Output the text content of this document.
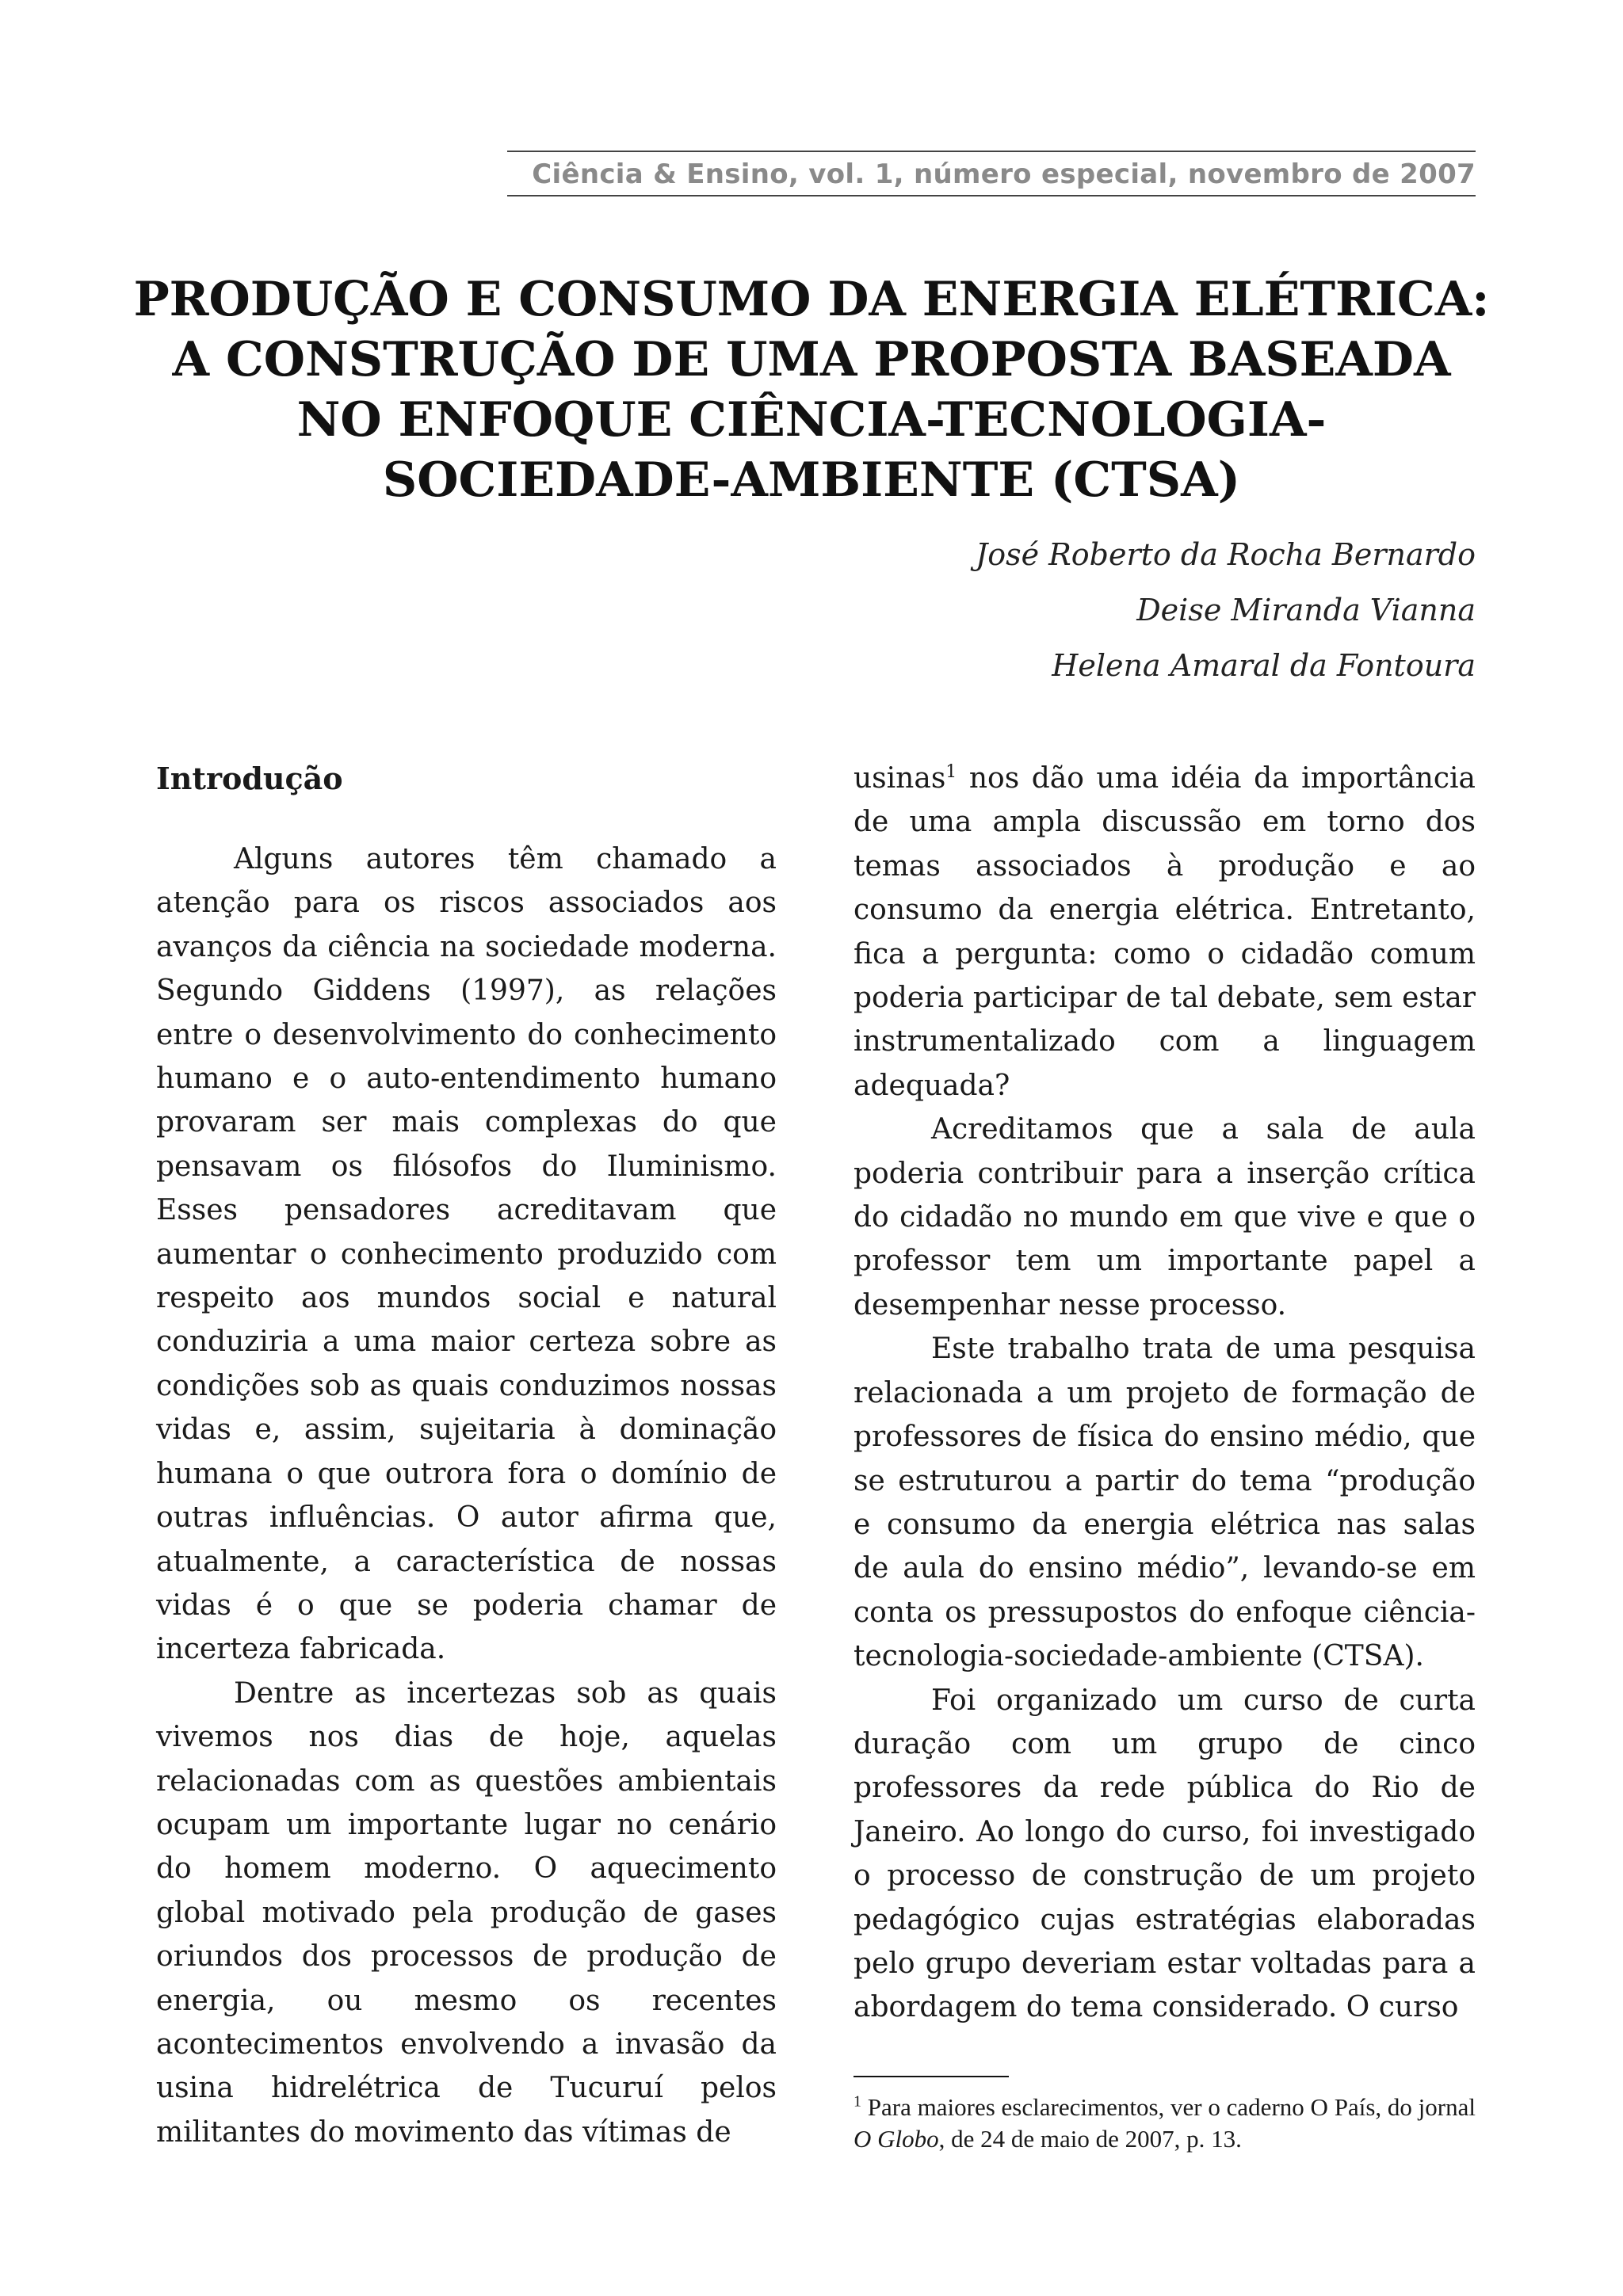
Ciência & Ensino, vol. 1, número especial, novembro de 2007
PRODUÇÃO E CONSUMO DA ENERGIA ELÉTRICA:
A CONSTRUÇÃO DE UMA PROPOSTA BASEADA
NO ENFOQUE CIÊNCIA-TECNOLOGIA-
SOCIEDADE-AMBIENTE (CTSA)
José Roberto da Rocha Bernardo
Deise Miranda Vianna
Helena Amaral da Fontoura
Introdução

Alguns autores têm chamado a atenção para os riscos associados aos avanços da ciência na sociedade moderna. Segundo Giddens (1997), as relações entre o desenvolvimento do conhecimento humano e o auto-entendimento humano provaram ser mais complexas do que pensavam os filósofos do Iluminismo. Esses pensadores acreditavam que aumentar o conhecimento produzido com respeito aos mundos social e natural conduziria a uma maior certeza sobre as condições sob as quais conduzimos nossas vidas e, assim, sujeitaria à dominação humana o que outrora fora o domínio de outras influências. O autor afirma que, atualmente, a característica de nossas vidas é o que se poderia chamar de incerteza fabricada.

Dentre as incertezas sob as quais vivemos nos dias de hoje, aquelas relacionadas com as questões ambientais ocupam um importante lugar no cenário do homem moderno. O aquecimento global motivado pela produção de gases oriundos dos processos de produção de energia, ou mesmo os recentes acontecimentos envolvendo a invasão da usina hidrelétrica de Tucuruí pelos militantes do movimento das vítimas de

usinas$^1$ nos dão uma idéia da importância de uma ampla discussão em torno dos temas associados à produção e ao consumo da energia elétrica. Entretanto, fica a pergunta: como o cidadão comum poderia participar de tal debate, sem estar instrumentalizado com a linguagem adequada?

Acreditamos que a sala de aula poderia contribuir para a inserção crítica do cidadão no mundo em que vive e que o professor tem um importante papel a desempenhar nesse processo.

Este trabalho trata de uma pesquisa relacionada a um projeto de formação de professores de física do ensino médio, que se estruturou a partir do tema “produção e consumo da energia elétrica nas salas de aula do ensino médio”, levando-se em conta os pressupostos do enfoque ciência-tecnologia-sociedade-ambiente (CTSA).

Foi organizado um curso de curta duração com um grupo de cinco professores da rede pública do Rio de Janeiro. Ao longo do curso, foi investigado o processo de construção de um projeto pedagógico cujas estratégias elaboradas pelo grupo deveriam estar voltadas para a abordagem do tema considerado. O curso

$^1$ Para maiores esclarecimentos, ver o caderno O País, do jornal O Globo, de 24 de maio de 2007, p. 13.
